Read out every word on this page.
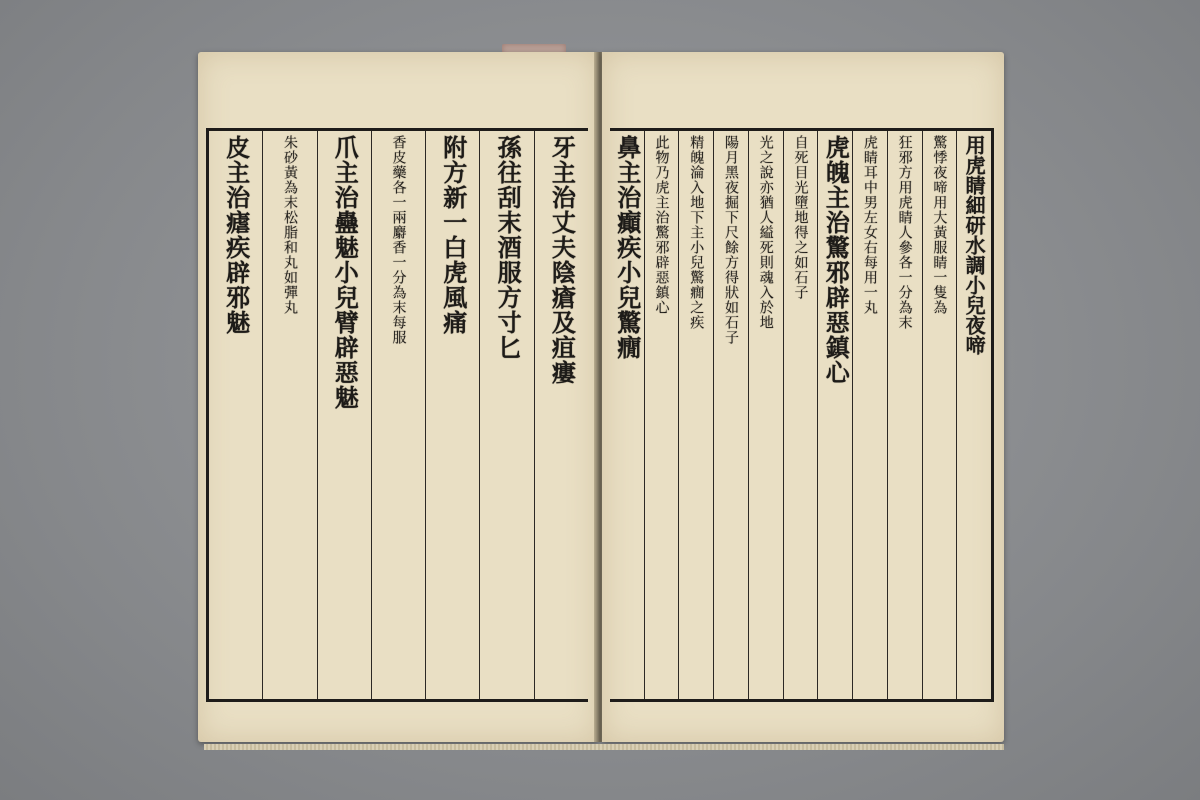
牙主治丈夫陰瘡及疽瘻
孫往刮末酒服方寸匕
附方新一白虎風痛
香皮藥各一兩麝香一分為末每服
爪主治蠱魅小兒臂辟惡魅
朱砂黃為末松脂和丸如彈丸
皮主治瘧疾辟邪魅	用虎睛細研水調小兒夜啼
驚悸夜啼用大黃服睛一隻為
狂邪方用虎睛人參各一分為末
虎睛耳中男左女右每用一丸
虎魄主治驚邪辟惡鎮心
自死目光墮地得之如石子
光之說亦猶人縊死則魂入於地
陽月黑夜掘下尺餘方得狀如石子
精魄淪入地下主小兒驚癇之疾
此物乃虎主治驚邪辟惡鎮心
鼻主治癲疾小兒驚癇
